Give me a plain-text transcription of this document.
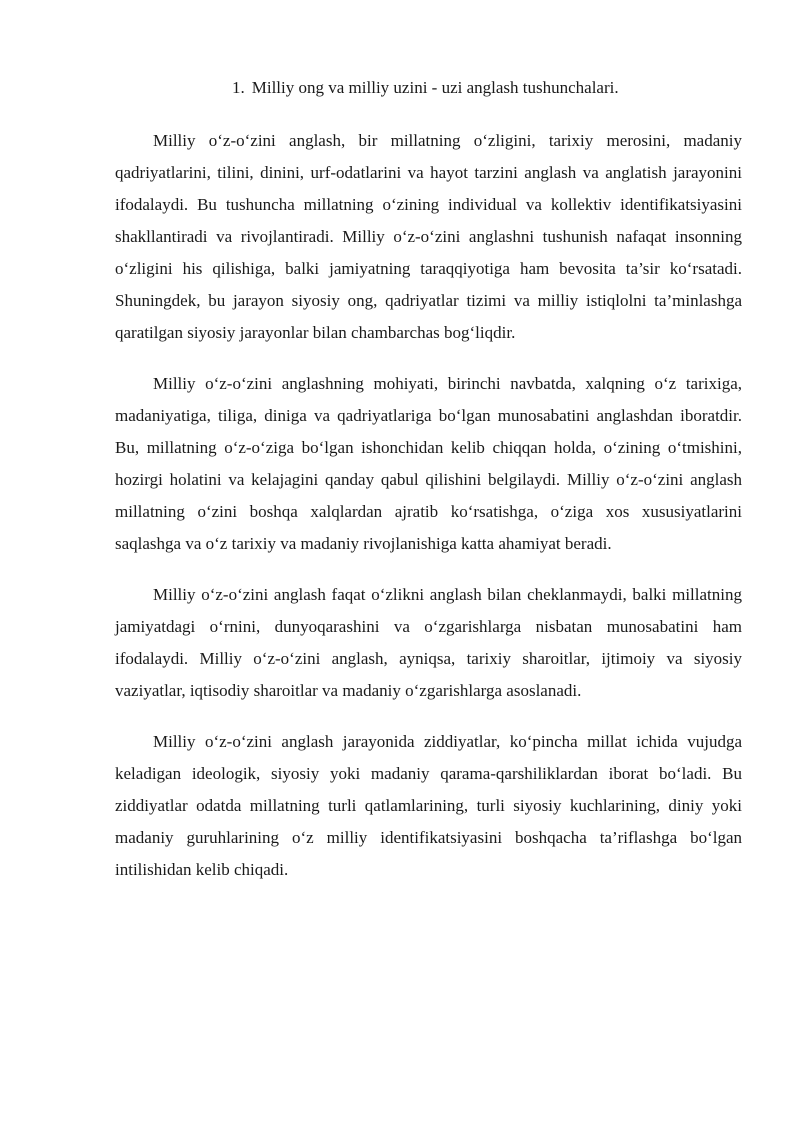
1. Milliy ong va milliy uzini - uzi anglash tushunchalari.

Milliy o‘z-o‘zini anglash, bir millatning o‘zligini, tarixiy merosini, madaniy qadriyatlarini, tilini, dinini, urf-odatlarini va hayot tarzini anglash va anglatish jarayonini ifodalaydi. Bu tushuncha millatning o‘zining individual va kollektiv identifikatsiyasini shakllantiradi va rivojlantiradi. Milliy o‘z-o‘zini anglashni tushunish nafaqat insonning o‘zligini his qilishiga, balki jamiyatning taraqqiyotiga ham bevosita ta’sir ko‘rsatadi. Shuningdek, bu jarayon siyosiy ong, qadriyatlar tizimi va milliy istiqlolni ta’minlashga qaratilgan siyosiy jarayonlar bilan chambarchas bog‘liqdir.

Milliy o‘z-o‘zini anglashning mohiyati, birinchi navbatda, xalqning o‘z tarixiga, madaniyatiga, tiliga, diniga va qadriyatlariga bo‘lgan munosabatini anglashdan iboratdir. Bu, millatning o‘z-o‘ziga bo‘lgan ishonchidan kelib chiqqan holda, o‘zining o‘tmishini, hozirgi holatini va kelajagini qanday qabul qilishini belgilaydi. Milliy o‘z-o‘zini anglash millatning o‘zini boshqa xalqlardan ajratib ko‘rsatishga, o‘ziga xos xususiyatlarini saqlashga va o‘z tarixiy va madaniy rivojlanishiga katta ahamiyat beradi.

Milliy o‘z-o‘zini anglash faqat o‘zlikni anglash bilan cheklanmaydi, balki millatning jamiyatdagi o‘rnini, dunyoqarashini va o‘zgarishlarga nisbatan munosabatini ham ifodalaydi. Milliy o‘z-o‘zini anglash, ayniqsa, tarixiy sharoitlar, ijtimoiy va siyosiy vaziyatlar, iqtisodiy sharoitlar va madaniy o‘zgarishlarga asoslanadi.

Milliy o‘z-o‘zini anglash jarayonida ziddiyatlar, ko‘pincha millat ichida vujudga keladigan ideologik, siyosiy yoki madaniy qarama-qarshiliklardan iborat bo‘ladi. Bu ziddiyatlar odatda millatning turli qatlamlarining, turli siyosiy kuchlarining, diniy yoki madaniy guruhlarining o‘z milliy identifikatsiyasini boshqacha ta’riflashga bo‘lgan intilishidan kelib chiqadi.
